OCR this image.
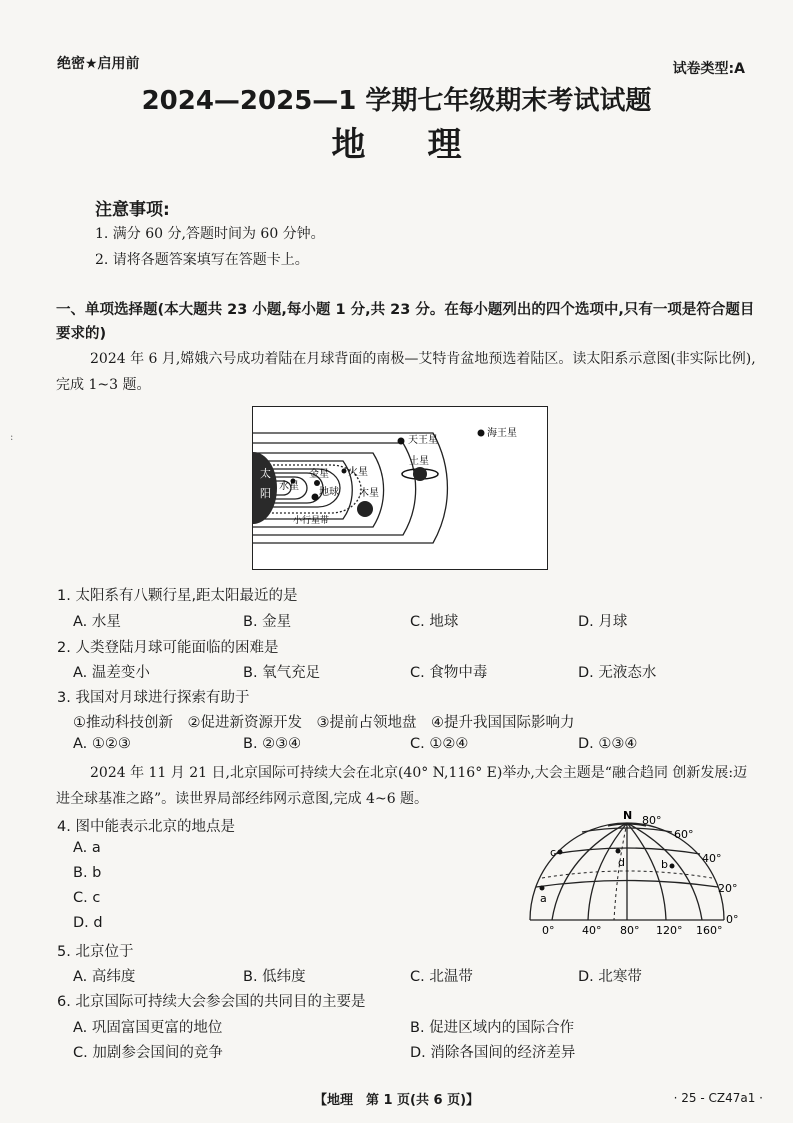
绝密★启用前	试卷类型:A
2024—2025—1 学期七年级期末考试试题
地理
:
注意事项:
1. 满分 60 分,答题时间为 60 分钟。
2. 请将各题答案填写在答题卡上。
一、单项选择题(本大题共 23 小题,每小题 1 分,共 23 分。在每小题列出的四个选项中,只有一项是符合题目要求的)
2024 年 6 月,嫦娥六号成功着陆在月球背面的南极—艾特肯盆地预选着陆区。读太阳系示意图(非实际比例),完成 1~3 题。
太
阳
水星
金星
地球
火星
木星
土星
天王星
海王星
小行星带
1. 太阳系有八颗行星,距太阳最近的是
A. 水星	B. 金星	C. 地球	D. 月球
2. 人类登陆月球可能面临的困难是
A. 温差变小	B. 氧气充足	C. 食物中毒	D. 无液态水
3. 我国对月球进行探索有助于
①推动科技创新　②促进新资源开发　③提前占领地盘　④提升我国国际影响力
A. ①②③	B. ②③④	C. ①②④	D. ①③④
2024 年 11 月 21 日,北京国际可持续大会在北京(40° N,116° E)举办,大会主题是“融合趋同 创新发展:迈进全球基准之路”。读世界局部经纬网示意图,完成 4~6 题。
4. 图中能表示北京的地点是
A. a
B. b
C. c
D. d
N
c
d	b
a
80°
60°
40°
20°
0°
0°	40° 80° 120° 160°
5. 北京位于
A. 高纬度	B. 低纬度	C. 北温带	D. 北寒带
6. 北京国际可持续大会参会国的共同目的主要是
A. 巩固富国更富的地位	B. 促进区域内的国际合作
C. 加剧参会国间的竞争	D. 消除各国间的经济差异
【地理　第 1 页(共 6 页)】	· 25 - CZ47a1 ·
